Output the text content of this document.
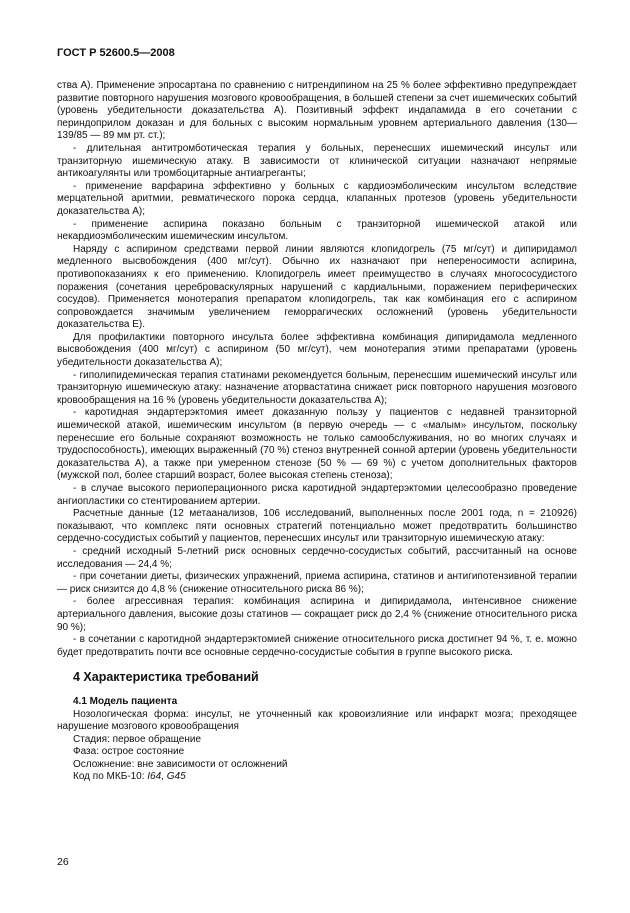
ГОСТ Р 52600.5—2008

ства А). Применение эпросартана по сравнению с нитрендипином на 25 % более эффективно предупреждает развитие повторного нарушения мозгового кровообращения, в большей степени за счет ишемических событий (уровень убедительности доказательства А). Позитивный эффект индапамида в его сочетании с периндоприлом доказан и для больных с высоким нормальным уровнем артериального давления (130—139/85 — 89 мм рт. ст.);

- длительная антитромботическая терапия у больных, перенесших ишемический инсульт или транзиторную ишемическую атаку. В зависимости от клинической ситуации назначают непрямые антикоагулянты или тромбоцитарные антиагреганты;

- применение варфарина эффективно у больных с кардиоэмболическим инсультом вследствие мерцательной аритмии, ревматического порока сердца, клапанных протезов (уровень убедительности доказательства А);

- применение аспирина показано больным с транзиторной ишемической атакой или некардиоэмболическим ишемическим инсультом.

Наряду с аспирином средствами первой линии являются клопидогрель (75 мг/сут) и дипиридамол медленного высвобождения (400 мг/сут). Обычно их назначают при непереносимости аспирина, противопоказаниях к его применению. Клопидогрель имеет преимущество в случаях многососудистого поражения (сочетания цереброваскулярных нарушений с кардиальными, поражением периферических сосудов). Применяется монотерапия препаратом клопидогрель, так как комбинация его с аспирином сопровождается значимым увеличением геморрагических осложнений (уровень убедительности доказательства Е).

Для профилактики повторного инсульта более эффективна комбинация дипиридамола медленного высвобождения (400 мг/сут) с аспирином (50 мг/сут), чем монотерапия этими препаратами (уровень убедительности доказательства А);

- гиполипидемическая терапия статинами рекомендуется больным, перенесшим ишемический инсульт или транзиторную ишемическую атаку: назначение аторвастатина снижает риск повторного нарушения мозгового кровообращения на 16 % (уровень убедительности доказательства А);

- каротидная эндартерэктомия имеет доказанную пользу у пациентов с недавней транзиторной ишемической атакой, ишемическим инсультом (в первую очередь — с «малым» инсультом, поскольку перенесшие его больные сохраняют возможность не только самообслуживания, но во многих случаях и трудоспособность), имеющих выраженный (70 %) стеноз внутренней сонной артерии (уровень убедительности доказательства А), а также при умеренном стенозе (50 % — 69 %) с учетом дополнительных факторов (мужской пол, более старший возраст, более высокая степень стеноза);

- в случае высокого периоперационного риска каротидной эндартерэктомии целесообразно проведение ангиопластики со стентированием артерии.

Расчетные данные (12 метаанализов, 106 исследований, выполненных после 2001 года, n = 210926) показывают, что комплекс пяти основных стратегий потенциально может предотвратить большинство сердечно-сосудистых событий у пациентов, перенесших инсульт или транзиторную ишемическую атаку:

- средний исходный 5-летний риск основных сердечно-сосудистых событий, рассчитанный на основе исследования — 24,4 %;

- при сочетании диеты, физических упражнений, приема аспирина, статинов и антигипотензивной терапии — риск снизится до 4,8 % (снижение относительного риска 86 %);

- более агрессивная терапия: комбинация аспирина и дипиридамола, интенсивное снижение артериального давления, высокие дозы статинов — сокращает риск до 2,4 % (снижение относительного риска 90 %);

- в сочетании с каротидной эндартерэктомией снижение относительного риска достигнет 94 %, т. е. можно будет предотвратить почти все основные сердечно-сосудистые события в группе высокого риска.

4 Характеристика требований

4.1 Модель пациента

Нозологическая форма: инсульт, не уточненный как кровоизлияние или инфаркт мозга; преходящее нарушение мозгового кровообращения

Стадия: первое обращение

Фаза: острое состояние

Осложнение: вне зависимости от осложнений

Код по МКБ-10: I64, G45

26
